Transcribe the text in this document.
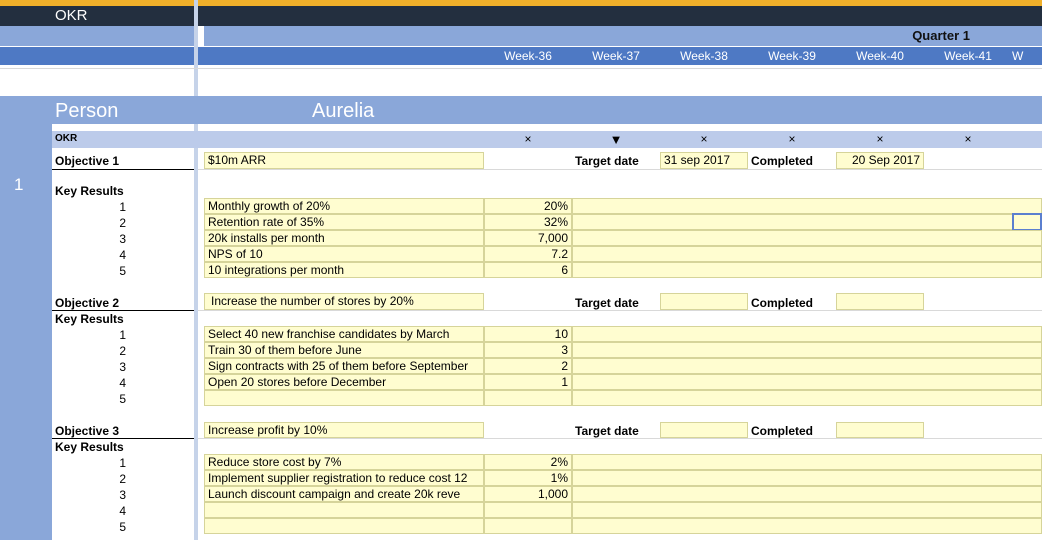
OKR
Quarter 1
Week-36	Week-37	Week-38	Week-39	Week-40	Week-41	W
Person	Aurelia
1
OKR	×	▼	×	×	×	×
Objective 1	$10m ARR	Target date	31 sep 2017	Completed	20 Sep 2017
Key Results
1	Monthly growth of 20%	20%
2	Retention rate of 35%	32%
3	20k installs per month	7,000
4	NPS of 10	7.2
5	10 integrations per month	6
Objective 2	Increase the number of stores by 20%	Target date	Completed
Key Results
1	Select 40 new franchise candidates by March	10
2	Train 30 of them before June	3
3	Sign contracts with 25 of them before September	2
4	Open 20 stores before December	1
5
Objective 3	Increase profit by 10%	Target date	Completed
Key Results
1	Reduce store cost by 7%	2%
2	Implement supplier registration to reduce cost 12	1%
3	Launch discount campaign and create 20k reve	1,000
4
5
